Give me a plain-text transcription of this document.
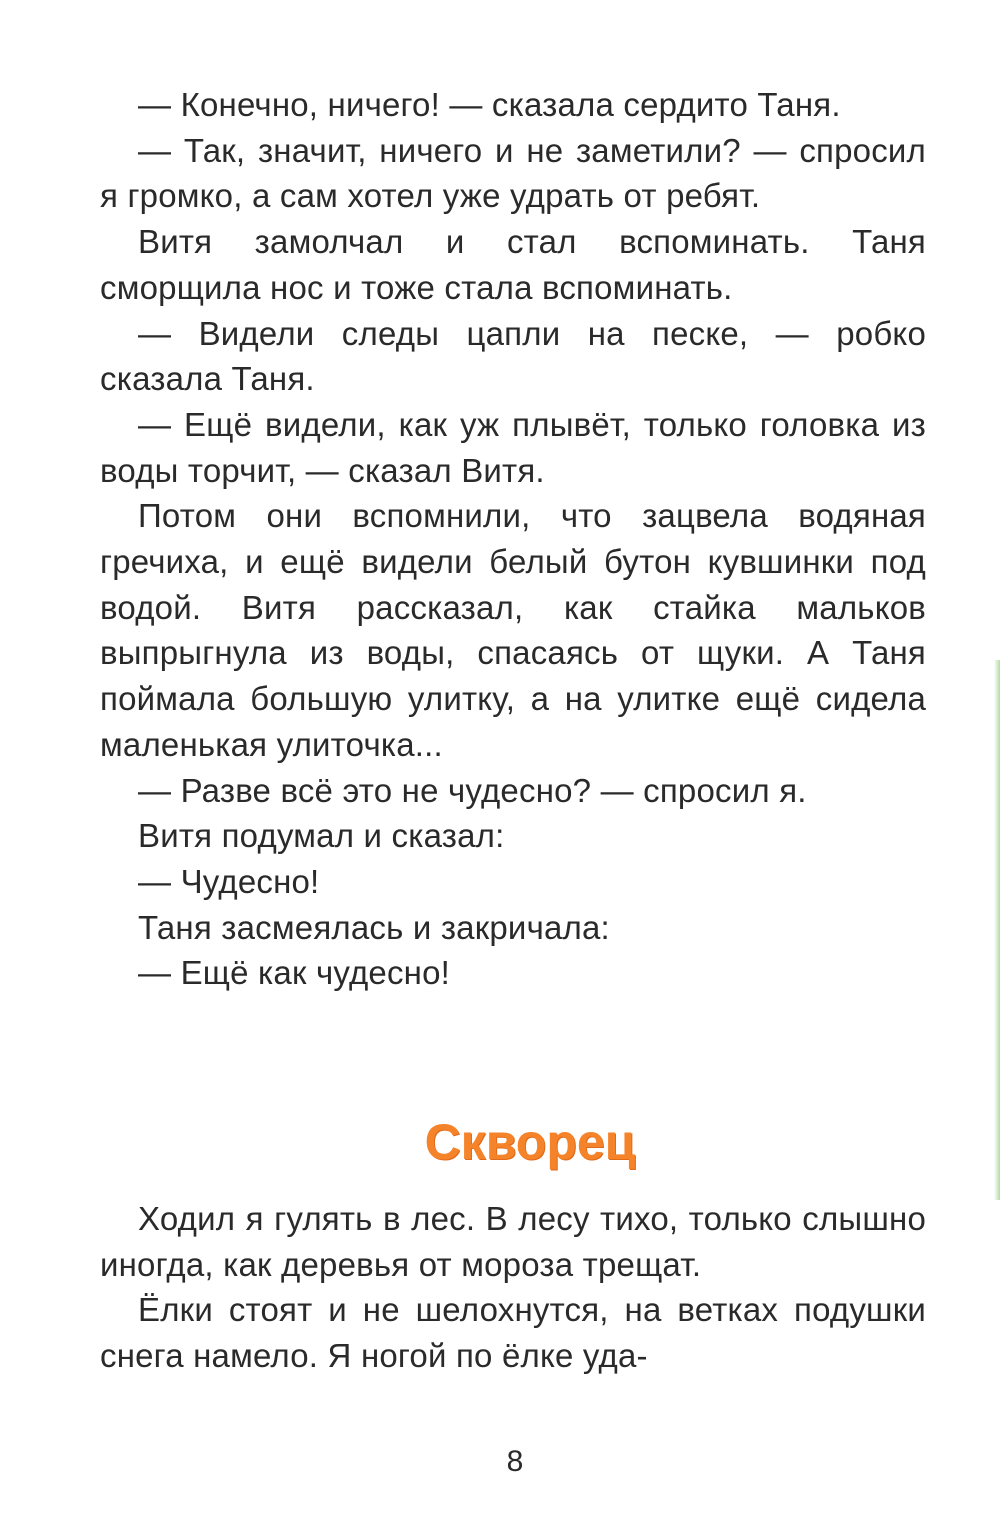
— Конечно, ничего! — сказала сердито Таня.

— Так, значит, ничего и не заметили? — спросил я громко, а сам хотел уже удрать от ребят.

Витя замолчал и стал вспоминать. Таня сморщила нос и тоже стала вспоминать.

— Видели следы цапли на песке, — робко сказала Таня.

— Ещё видели, как уж плывёт, только головка из воды торчит, — сказал Витя.

Потом они вспомнили, что зацвела водяная гречиха, и ещё видели белый бутон кувшинки под водой. Витя рассказал, как стайка мальков выпрыгнула из воды, спасаясь от щуки. А Таня поймала большую улитку, а на улитке ещё сидела маленькая улиточка...

— Разве всё это не чудесно? — спросил я.

Витя подумал и сказал:

— Чудесно!

Таня засмеялась и закричала:

— Ещё как чудесно!

Скворец

Ходил я гулять в лес. В лесу тихо, только слышно иногда, как деревья от мороза трещат.

Ёлки стоят и не шелохнутся, на ветках подушки снега намело. Я ногой по ёлке уда-

8
